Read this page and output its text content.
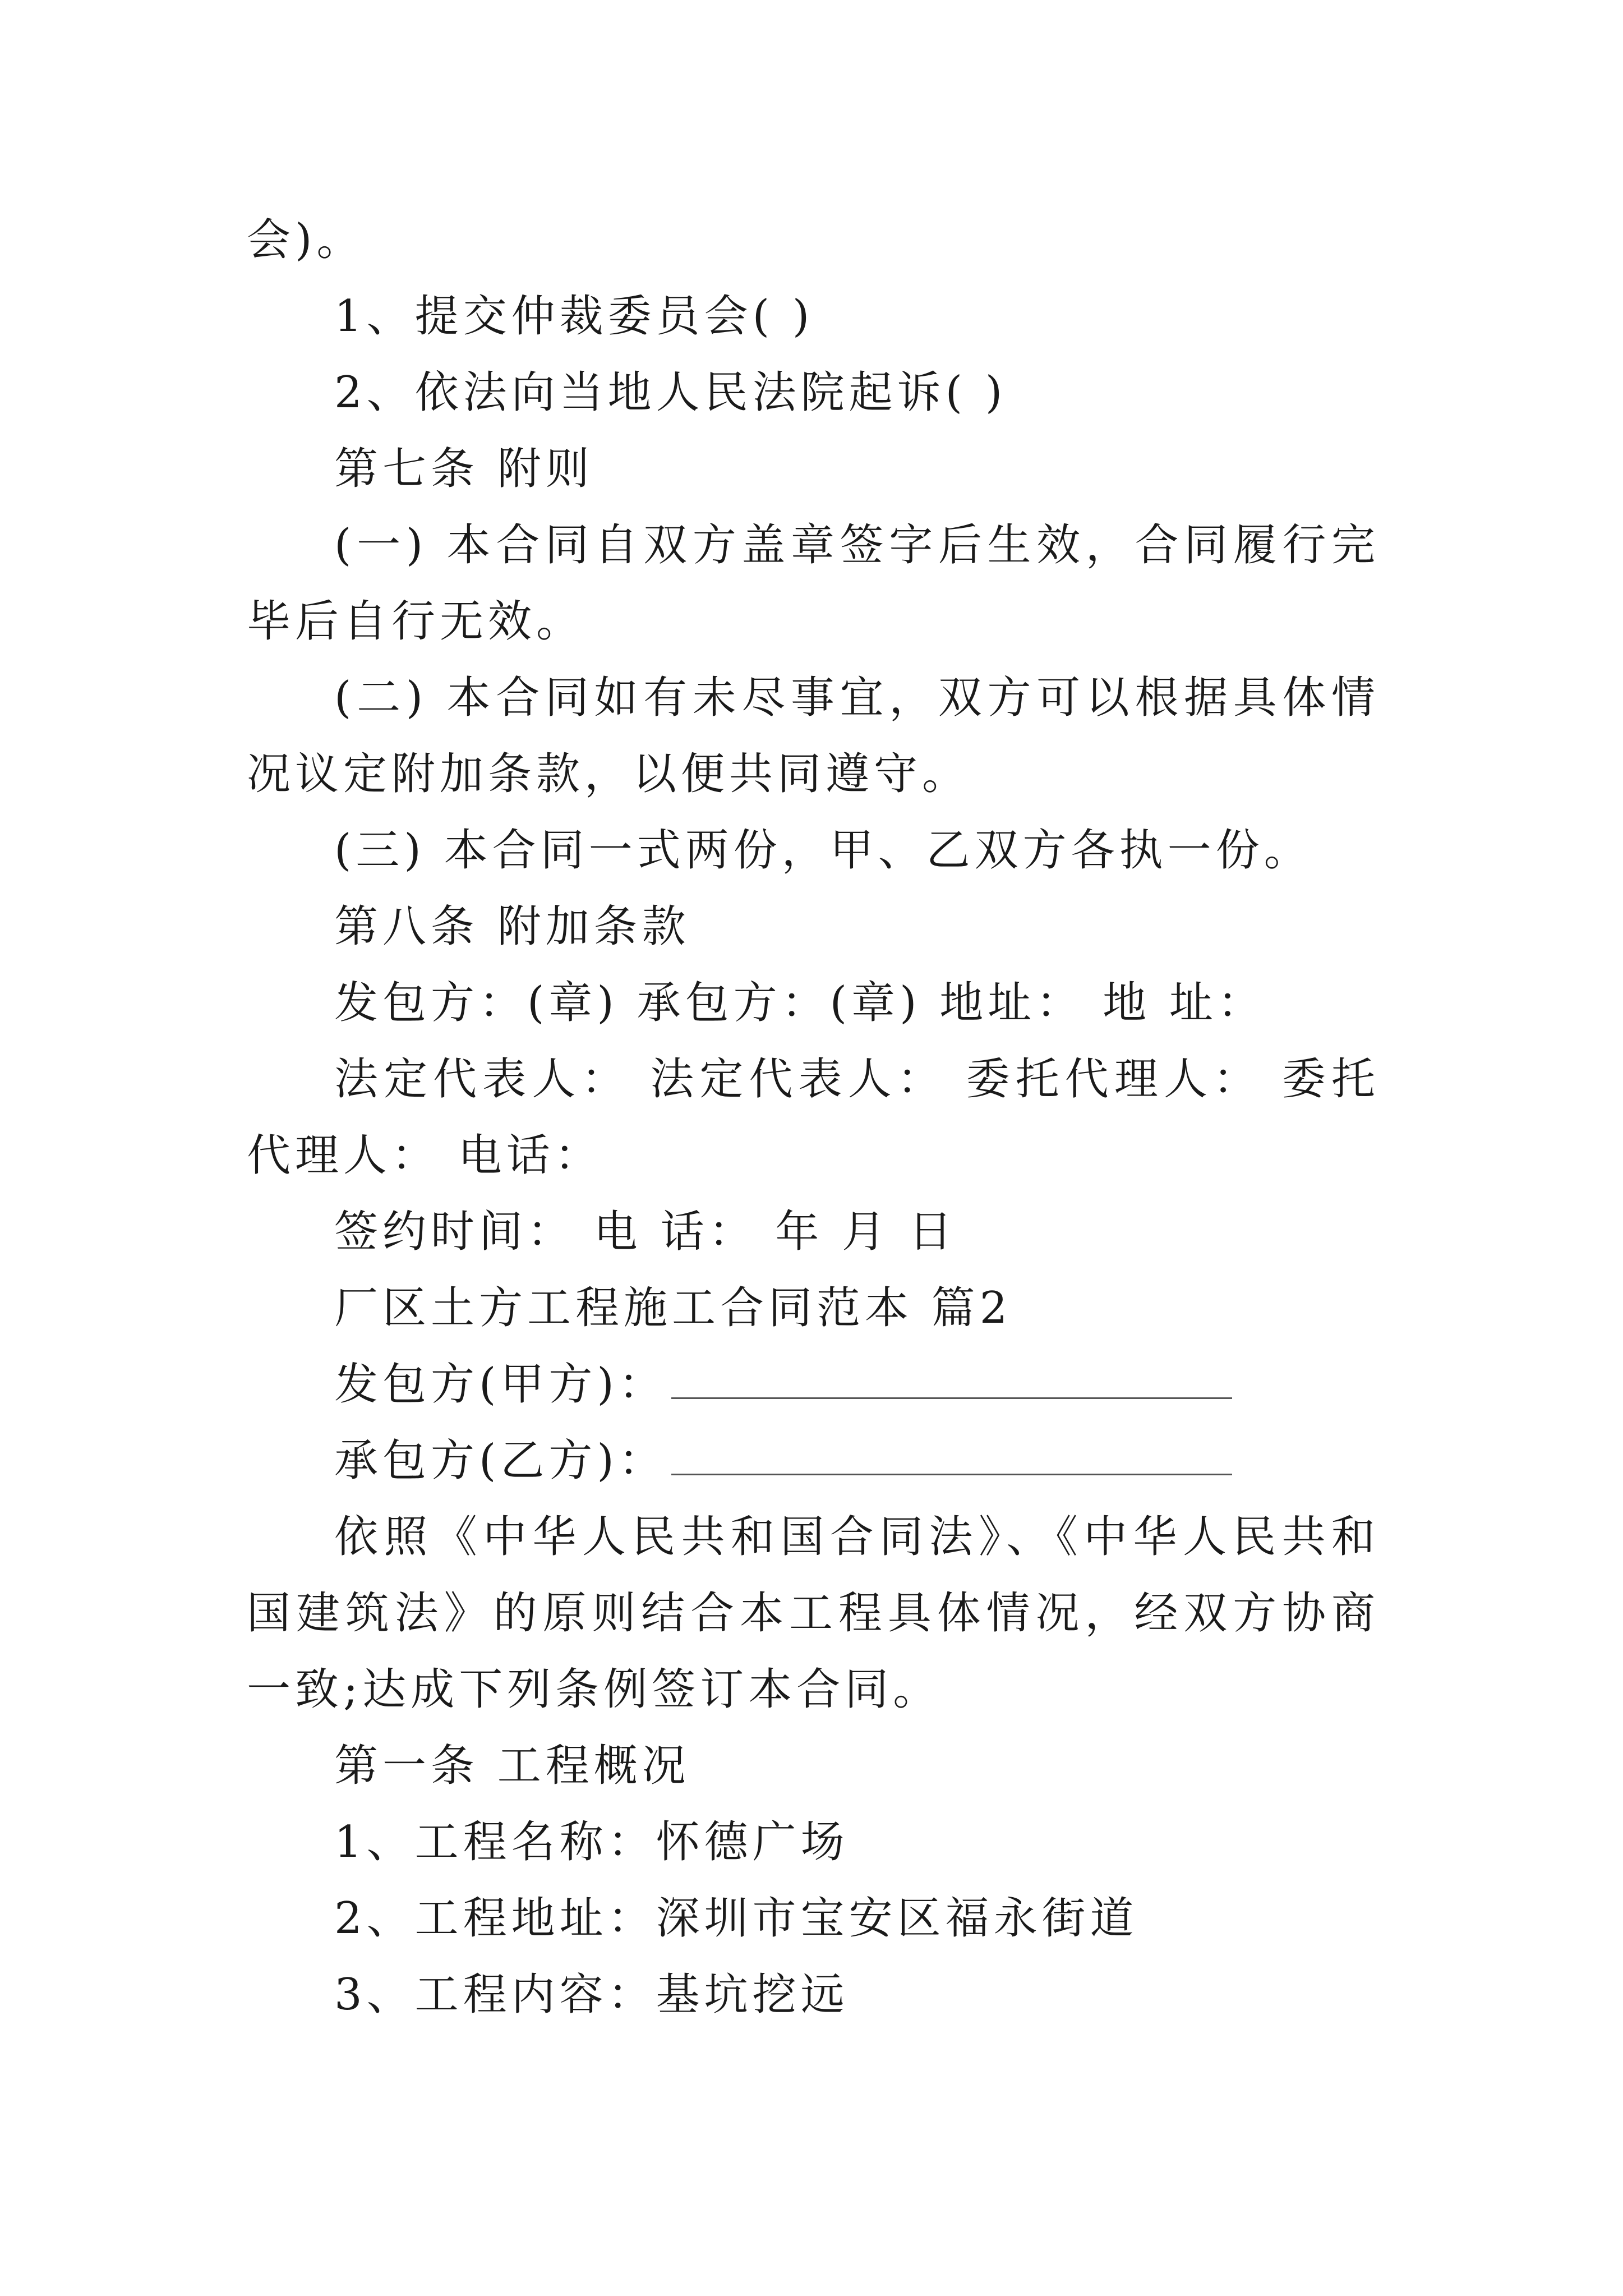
会)。

1、提交仲裁委员会( )

2、依法向当地人民法院起诉( )

第七条 附则

(一) 本合同自双方盖章签字后生效，合同履行完毕后自行无效。

(二) 本合同如有未尽事宜，双方可以根据具体情况议定附加条款，以便共同遵守。

(三) 本合同一式两份，甲、乙双方各执一份。

第八条 附加条款

发包方：(章) 承包方：(章) 地址： 地 址：

法定代表人： 法定代表人： 委托代理人： 委托代理人： 电话：

签约时间： 电 话： 年 月 日

厂区土方工程施工合同范本 篇2

发包方(甲方)：

承包方(乙方)：

依照《中华人民共和国合同法》、《中华人民共和国建筑法》的原则结合本工程具体情况，经双方协商一致;达成下列条例签订本合同。

第一条 工程概况

1、工程名称：怀德广场

2、工程地址：深圳市宝安区福永街道

3、工程内容：基坑挖远
